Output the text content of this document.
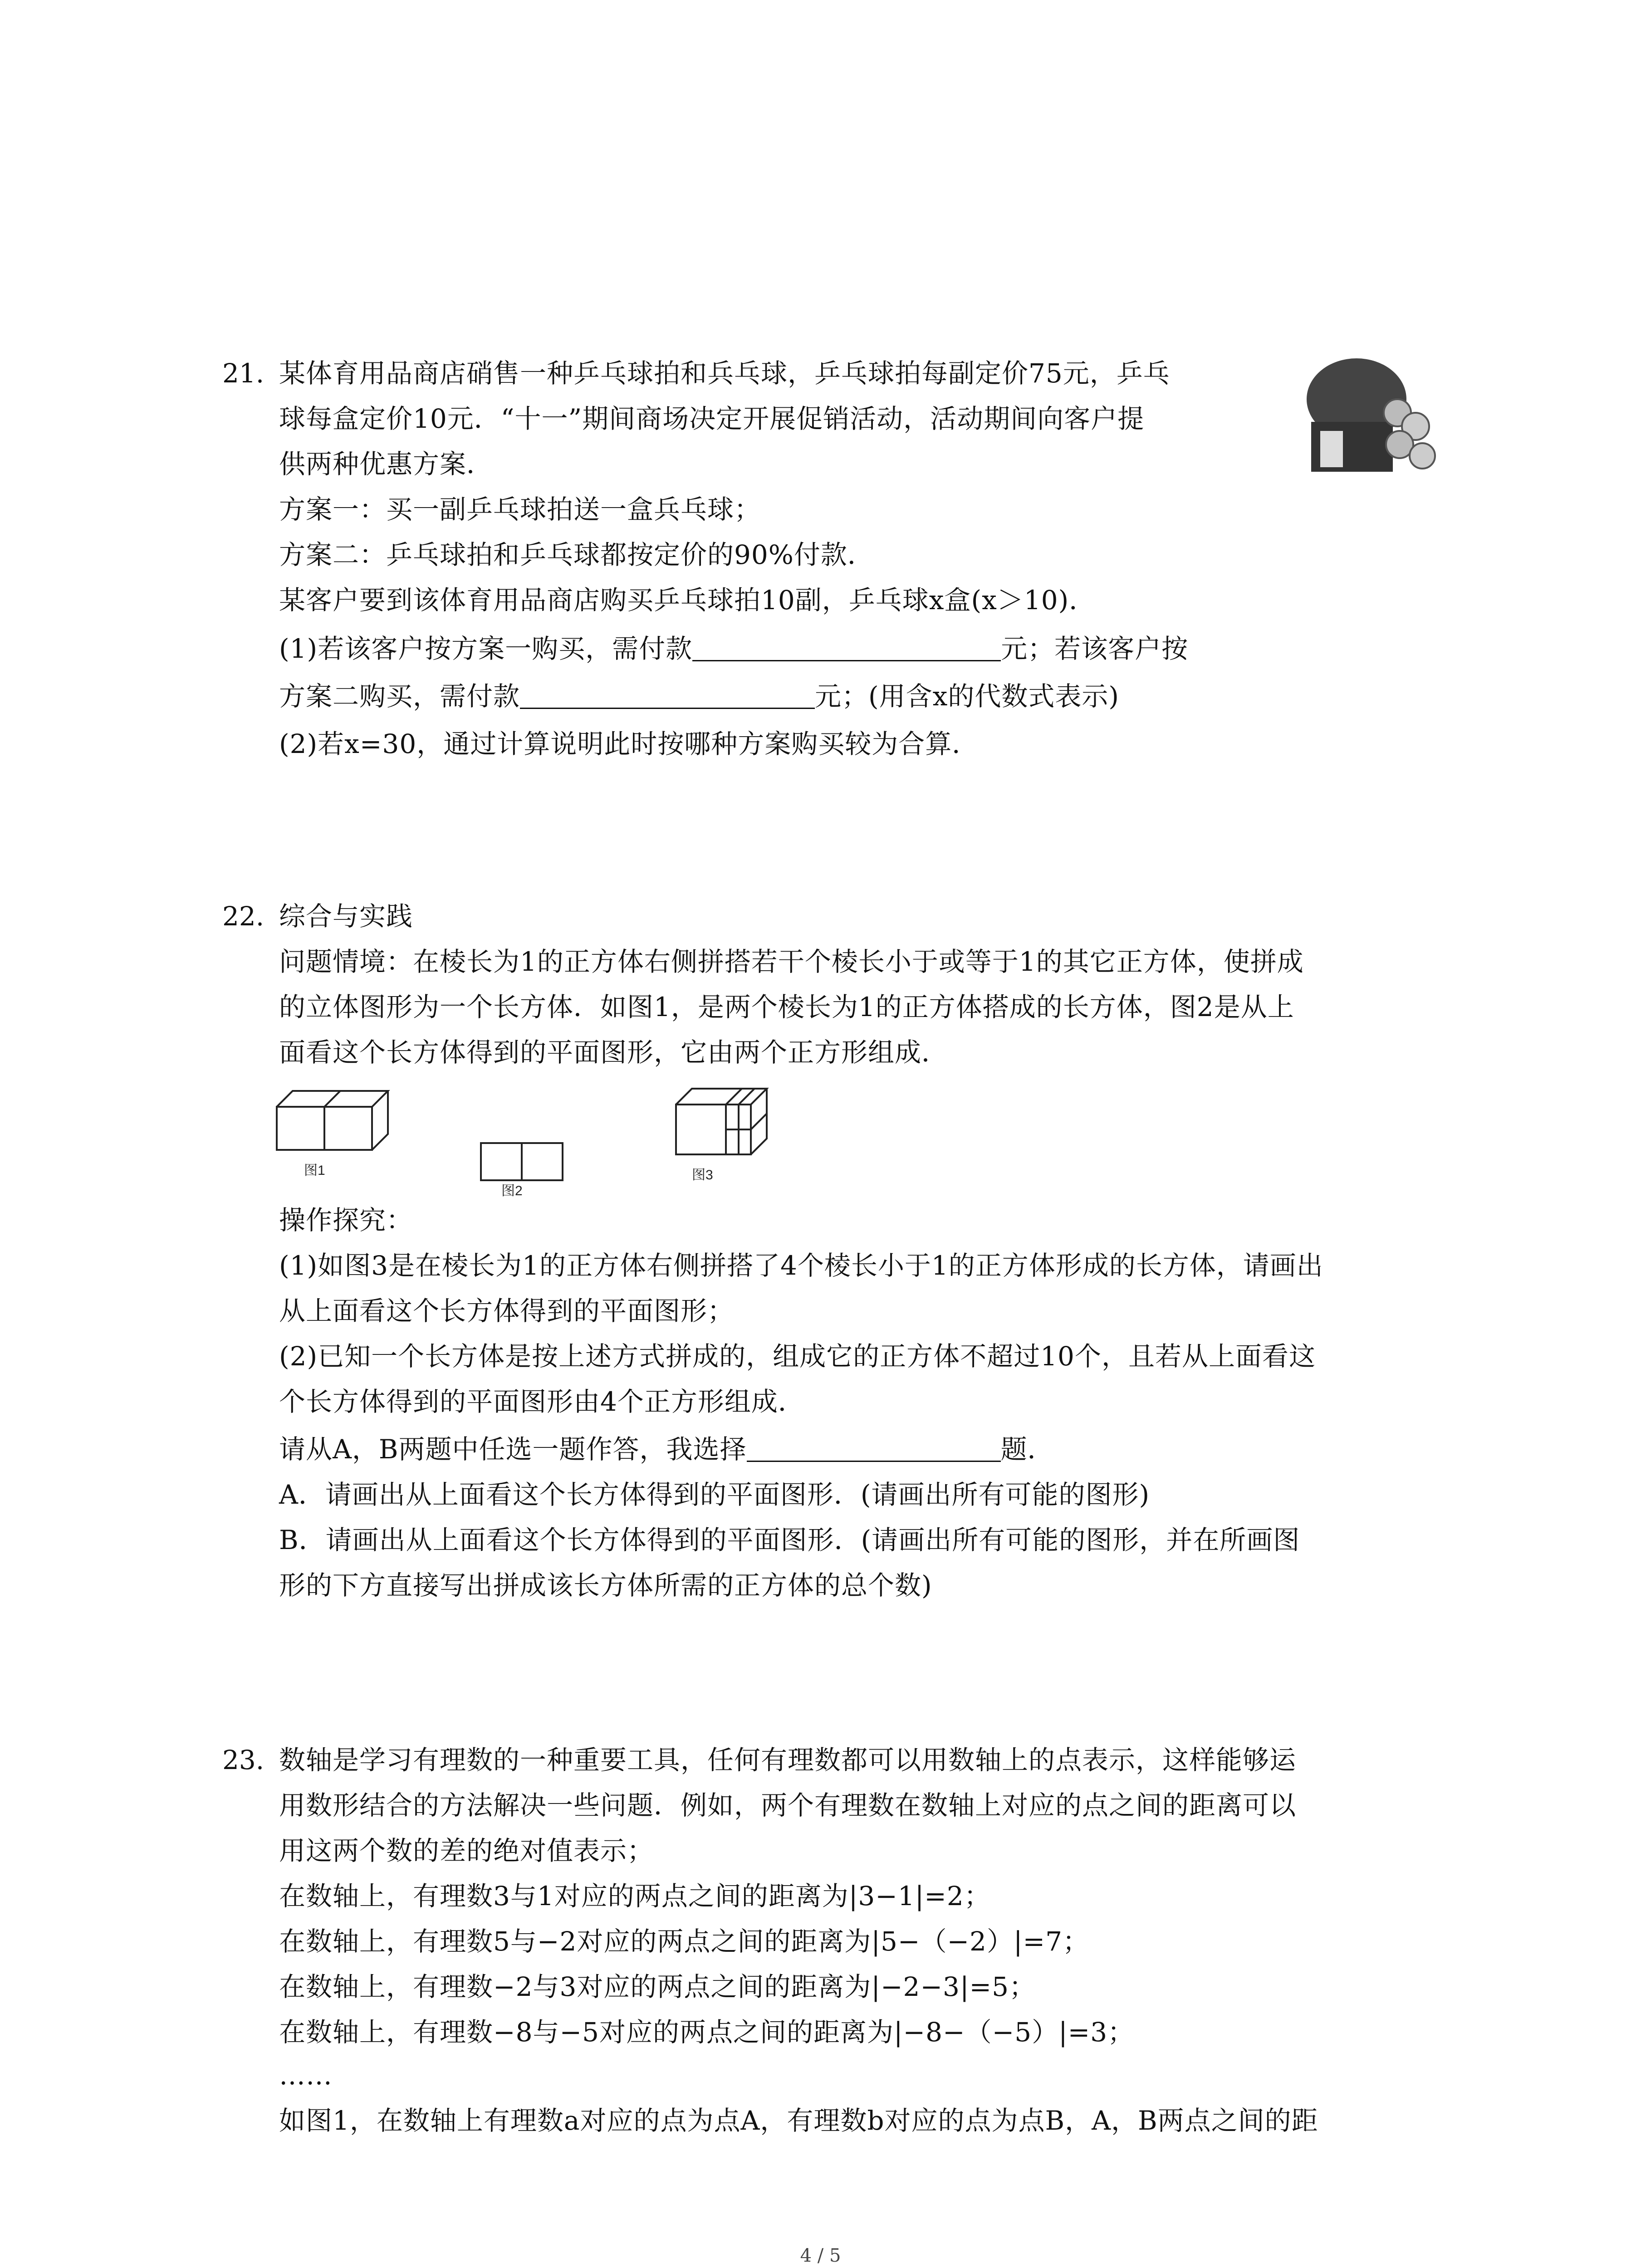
21. 某体育用品商店硝售一种乒乓球拍和兵乓球，乒乓球拍每副定价75元，乒乓
球每盒定价10元．“十一”期间商场决定开展促销活动，活动期间向客户提
供两种优惠方案．
方案一：买一副乒乓球拍送一盒兵乓球；
方案二：乒乓球拍和乒乓球都按定价的90%付款．
某客户要到该体育用品商店购买乒乓球拍10副，乒乓球x盒(x＞10)．
(1)若该客户按方案一购买，需付款	元；若该客户按
方案二购买，需付款	元；(用含x的代数式表示)
(2)若x=30，通过计算说明此时按哪种方案购买较为合算．
22. 综合与实践
问题情境：在棱长为1的正方体右侧拼搭若干个棱长小于或等于1的其它正方体，使拼成
的立体图形为一个长方体．如图1，是两个棱长为1的正方体搭成的长方体，图2是从上
面看这个长方体得到的平面图形，它由两个正方形组成．
图1
图2
图3
操作探究：
(1)如图3是在棱长为1的正方体右侧拼搭了4个棱长小于1的正方体形成的长方体，请画出
从上面看这个长方体得到的平面图形；
(2)已知一个长方体是按上述方式拼成的，组成它的正方体不超过10个，且若从上面看这
个长方体得到的平面图形由4个正方形组成．
请从A，B两题中任选一题作答，我选择	题．
A．请画出从上面看这个长方体得到的平面图形．(请画出所有可能的图形)
B．请画出从上面看这个长方体得到的平面图形．(请画出所有可能的图形，并在所画图
形的下方直接写出拼成该长方体所需的正方体的总个数)
23. 数轴是学习有理数的一种重要工具，任何有理数都可以用数轴上的点表示，这样能够运
用数形结合的方法解决一些问题．例如，两个有理数在数轴上对应的点之间的距离可以
用这两个数的差的绝对值表示；
在数轴上，有理数3与1对应的两点之间的距离为|3−1|=2；
在数轴上，有理数5与−2对应的两点之间的距离为|5−（−2）|=7；
在数轴上，有理数−2与3对应的两点之间的距离为|−2−3|=5；
在数轴上，有理数−8与−5对应的两点之间的距离为|−8−（−5）|=3；
……
如图1，在数轴上有理数a对应的点为点A，有理数b对应的点为点B，A，B两点之间的距
4 / 5
